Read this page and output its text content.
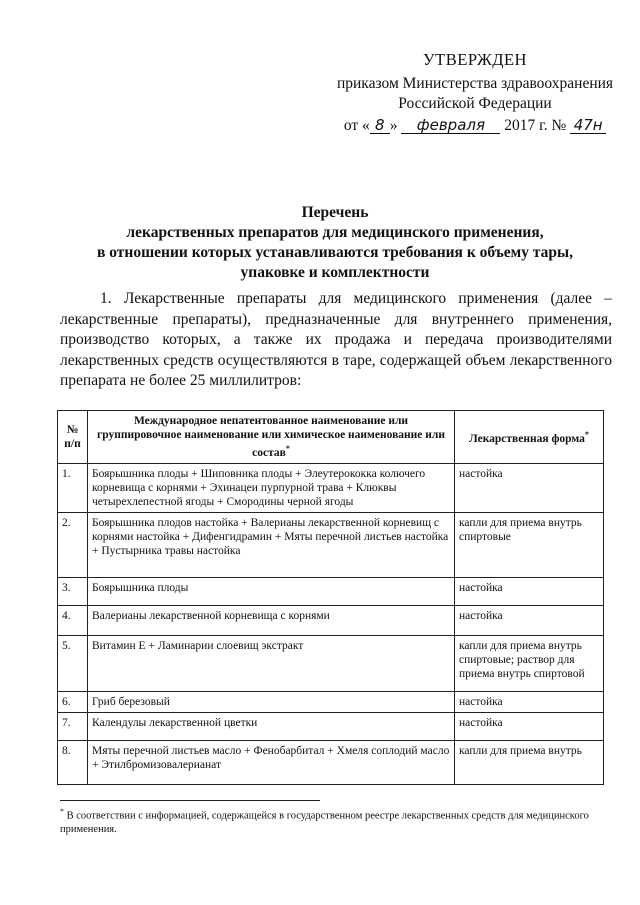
УТВЕРЖДЕН
приказом Министерства здравоохранения
Российской Федерации
от « 8 » февраля 2017 г. № 47н
Перечень
лекарственных препаратов для медицинского применения,
в отношении которых устанавливаются требования к объему тары,
упаковке и комплектности
1. Лекарственные препараты для медицинского применения (далее – лекарственные препараты), предназначенные для внутреннего применения, производство которых, а также их продажа и передача производителями лекарственных средств осуществляются в таре, содержащей объем лекарственного препарата не более 25 миллилитров:
№ п/п	Международное непатентованное наименование или группировочное наименование или химическое наименование или состав*	Лекарственная форма*
1.	Боярышника плоды + Шиповника плоды + Элеутерококка колючего корневища с корнями + Эхинацеи пурпурной трава + Клюквы четырехлепестной ягоды + Смородины черной ягоды	настойка
2.	Боярышника плодов настойка + Валерианы лекарственной корневищ с корнями настойка + Дифенгидрамин + Мяты перечной листьев настойка + Пустырника травы настойка	капли для приема внутрь спиртовые
3.	Боярышника плоды	настойка
4.	Валерианы лекарственной корневища с корнями	настойка
5.	Витамин Е + Ламинарии слоевищ экстракт	капли для приема внутрь спиртовые; раствор для приема внутрь спиртовой
6.	Гриб березовый	настойка
7.	Календулы лекарственной цветки	настойка
8.	Мяты перечной листьев масло + Фенобарбитал + Хмеля соплодий масло + Этилбромизовалерианат	капли для приема внутрь
* В соответствии с информацией, содержащейся в государственном реестре лекарственных средств для медицинского применения.
